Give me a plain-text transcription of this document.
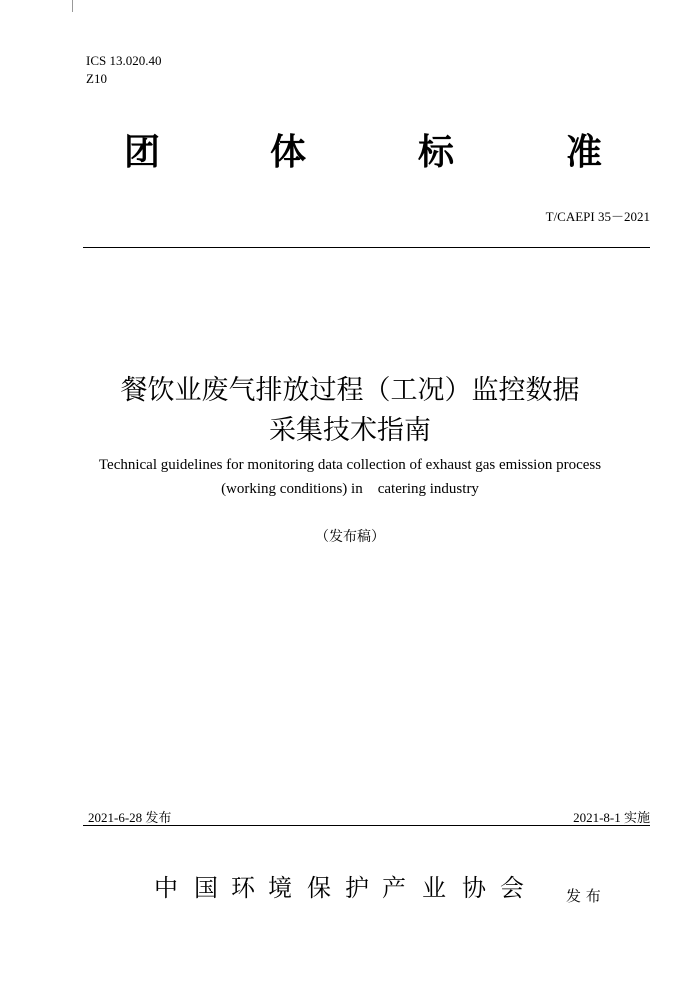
ICS 13.020.40
Z10
团	体	标	准
T/CAEPI 35－2021
餐饮业废气排放过程（工况）监控数据
采集技术指南
Technical guidelines for monitoring data collection of exhaust gas emission process
(working conditions) in    catering industry
（发布稿）
2021-6-28 发布	2021-8-1 实施
中 国 环 境 保 护 产 业 协 会	发 布
